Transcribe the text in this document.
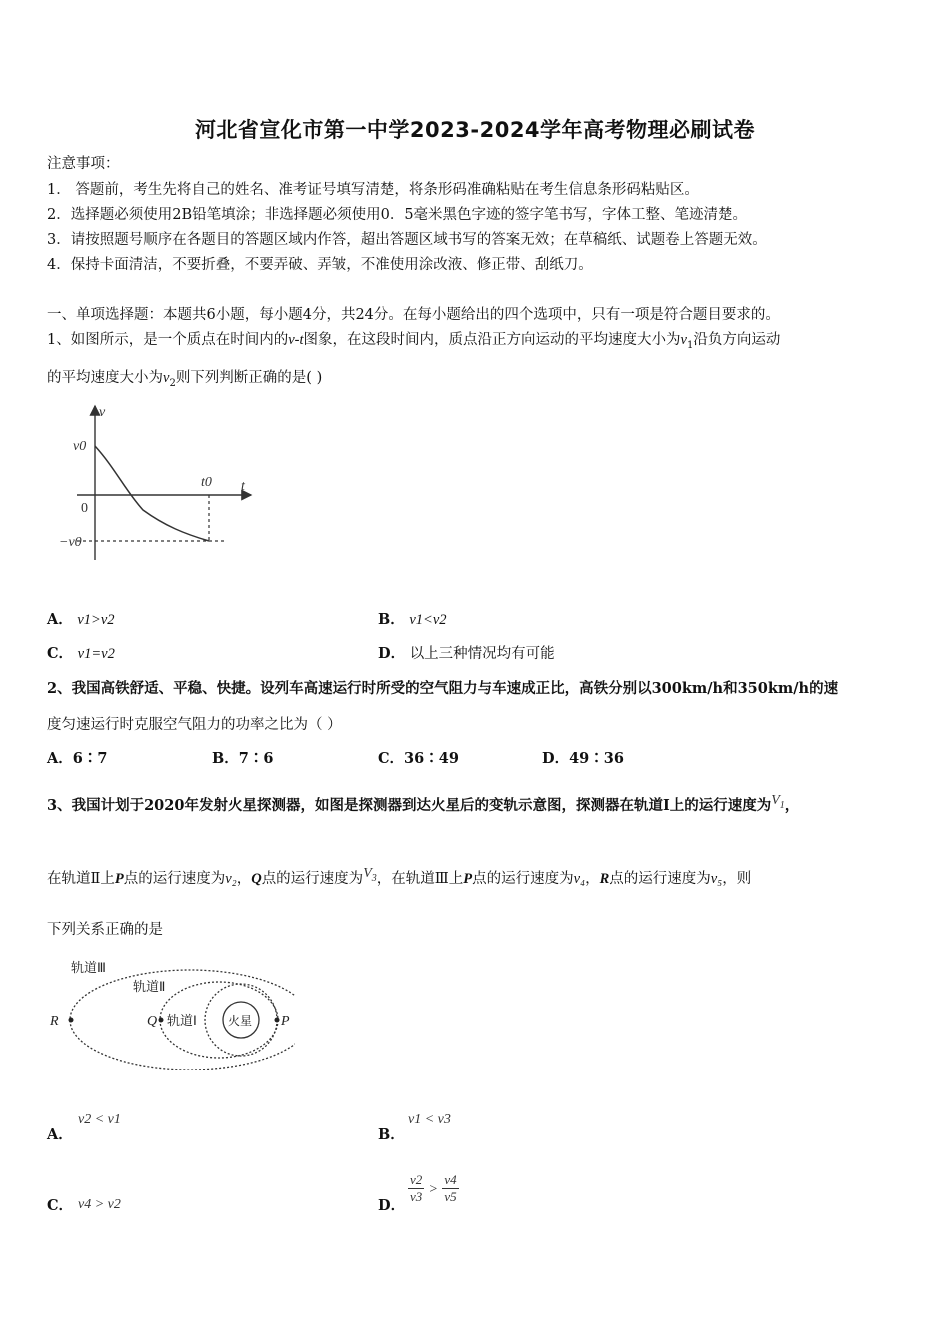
河北省宣化市第一中学2023-2024学年高考物理必刷试卷
注意事项：
1． 答题前，考生先将自己的姓名、准考证号填写清楚，将条形码准确粘贴在考生信息条形码粘贴区。
2．选择题必须使用2B铅笔填涂；非选择题必须使用0．5毫米黑色字迹的签字笔书写，字体工整、笔迹清楚。
3．请按照题号顺序在各题目的答题区域内作答，超出答题区域书写的答案无效；在草稿纸、试题卷上答题无效。
4．保持卡面清洁，不要折叠，不要弄破、弄皱，不准使用涂改液、修正带、刮纸刀。
一、单项选择题：本题共6小题，每小题4分，共24分。在每小题给出的四个选项中，只有一项是符合题目要求的。
1、如图所示，是一个质点在时间内的v-t图象，在这段时间内，质点沿正方向运动的平均速度大小为$v_1$沿负方向运动
的平均速度大小为$v_2$则下列判断正确的是( )
v
t
v0
t0
0
−v0
A． v1>v2	B． v1<v2
C． v1=v2	D． 以上三种情况均有可能
2、我国高铁舒适、平稳、快捷。设列车高速运行时所受的空气阻力与车速成正比，高铁分别以300km/h和350km/h的速
度匀速运行时克服空气阻力的功率之比为（ ）
A．6∶7	B．7∶6	C．36∶49	D．49∶36
3、我国计划于2020年发射火星探测器，如图是探测器到达火星后的变轨示意图，探测器在轨道Ⅰ上的运行速度为$V_1$，
在轨道Ⅱ上P点的运行速度为v₂，Q点的运行速度为$V_3$，在轨道Ⅲ上P点的运行速度为v₄，R点的运行速度为v₅，则
下列关系正确的是
轨道Ⅲ
轨道Ⅱ
轨道Ⅰ	火星
R	Q	P
A．
v2 < v1
B．
v1 < v3
C． v4 > v2	D．
$\frac{v2}{v3} > \frac{v4}{v5}$
